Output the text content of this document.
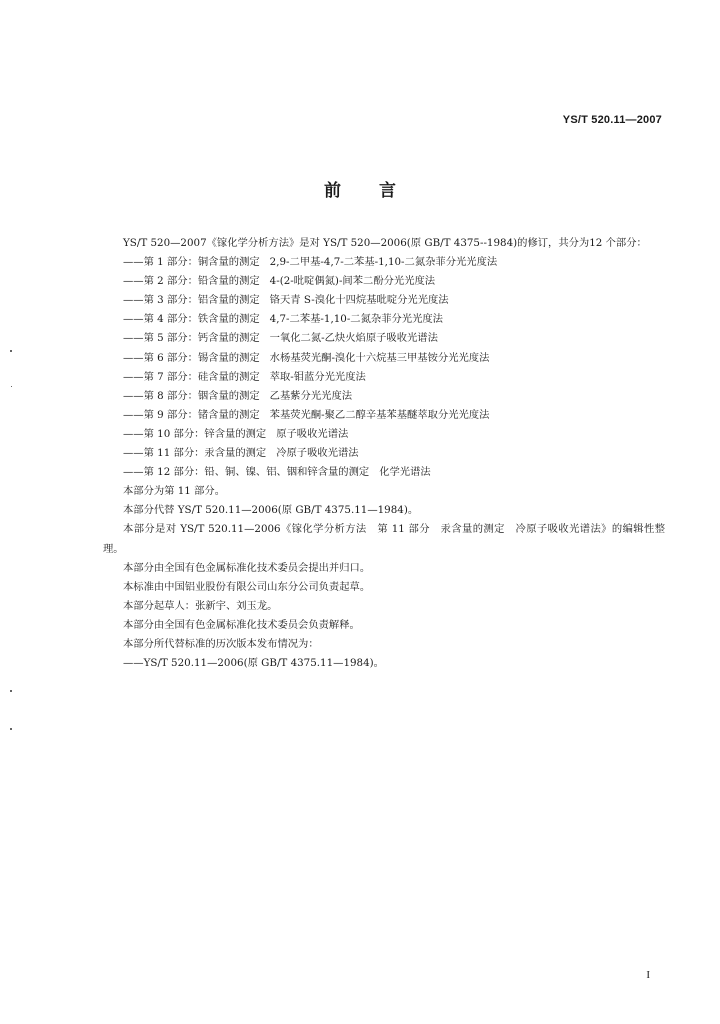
YS/T 520.11—2007
前 言

YS/T 520—2007《镓化学分析方法》是对 YS/T 520—2006(原 GB/T 4375--1984)的修订，共分为12 个部分：

——第 1 部分：铜含量的测定 2,9-二甲基-4,7-二苯基-1,10-二氮杂菲分光光度法
——第 2 部分：铅含量的测定 4-(2-吡啶偶氮)-间苯二酚分光光度法
——第 3 部分：铝含量的测定 铬天青 S-溴化十四烷基吡啶分光光度法
——第 4 部分：铁含量的测定 4,7-二苯基-1,10-二氮杂菲分光光度法
——第 5 部分：钙含量的测定 一氧化二氮-乙炔火焰原子吸收光谱法
——第 6 部分：锡含量的测定 水杨基荧光酮-溴化十六烷基三甲基铵分光光度法
——第 7 部分：硅含量的测定 萃取-钼蓝分光光度法
——第 8 部分：铟含量的测定 乙基紫分光光度法
——第 9 部分：锗含量的测定 苯基荧光酮-聚乙二醇辛基苯基醚萃取分光光度法
——第 10 部分：锌含量的测定 原子吸收光谱法
——第 11 部分：汞含量的测定 冷原子吸收光谱法
——第 12 部分：铅、铜、镍、铝、铟和锌含量的测定 化学光谱法
本部分为第 11 部分。
本部分代替 YS/T 520.11—2006(原 GB/T 4375.11—1984)。

本部分是对 YS/T 520.11—2006《镓化学分析方法　第 11 部分　汞含量的测定　冷原子吸收光谱法》的编辑性整理。

本部分由全国有色金属标准化技术委员会提出并归口。
本标准由中国铝业股份有限公司山东分公司负责起草。
本部分起草人：张新宇、刘玉龙。
本部分由全国有色金属标准化技术委员会负责解释。
本部分所代替标准的历次版本发布情况为：
——YS/T 520.11—2006(原 GB/T 4375.11—1984)。
I
